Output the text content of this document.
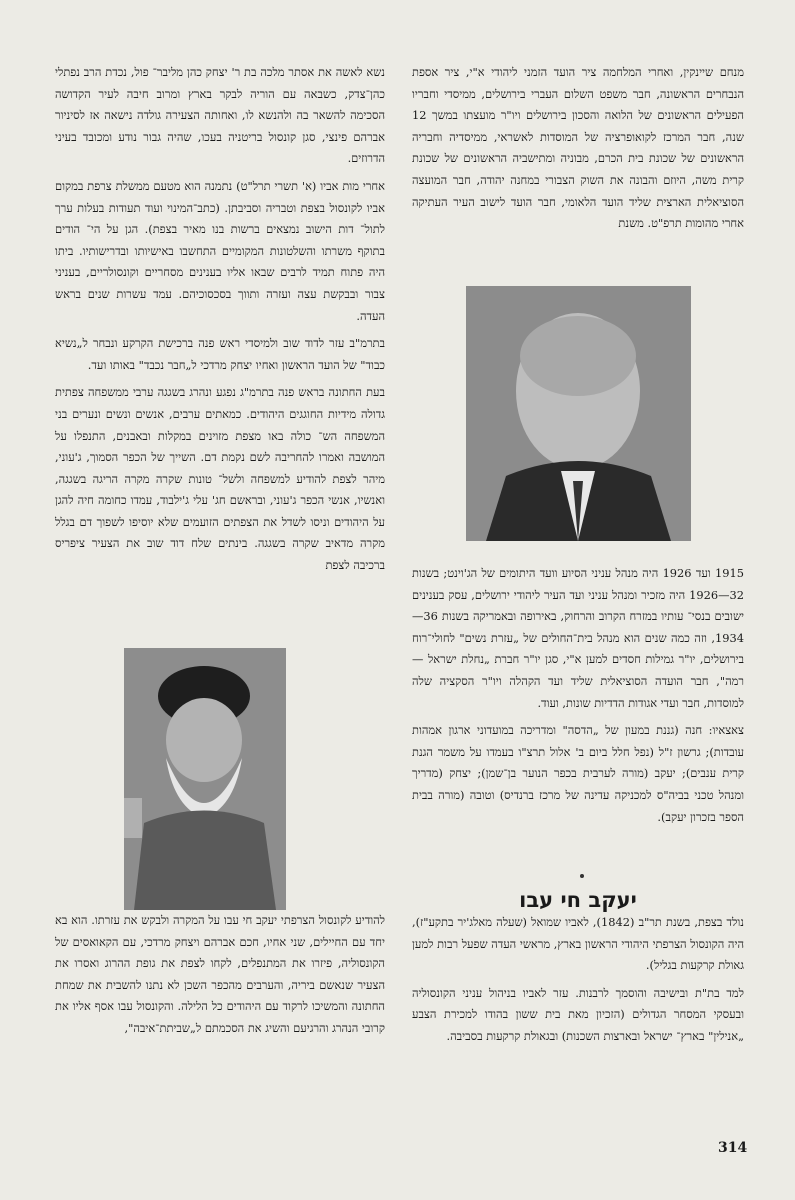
מנחם שיינקין, ואחרי המלחמה ציר הועד הזמני ליהודי א"י, ציר אספת הנבחרים הראשונה, חבר משפט השלום העברי בירושלים, ממיסדי וחבריו הפעילים הראשונים של הלואה והסכון בירושלים ויו"ר מועצתו במשך 12 שנה, חבר המרכז לקואופרציה של המוסדות לאשראי, ממיסדיה וחבריה הראשונים של שכונת בית הכרם, מבוניה ומתישביה הראשונים של שכונת קרית משה, היוזם והבונה את השוק הצבורי במחנה יהודה, חבר המועצה הסוציאלית הארצית שליד הועד הלאומי, חבר הועד לישוב העיר העתיקה אחרי מהומות תרפ"ט. משנת

1915 ועד 1926 היה מנהל עניני הסיוע וועד היתומים של הג'וינט; בשנות 32—1926 היה מזכיר ומנהל עניני ועד העיר ליהודי ירושלים, עסק בענינים ישובים בנסי־ עותיו במזרח הקרוב והרחוק, באירופה ובאמריקה בשנות 36—1934, וזה כמה שנים הוא מנהל בית־החולים של „עזרת נשים" לחולי־רוח בירושלים, יו"ר גמילות חסדים למען א"י, סגן יו"ר חברת „נחלת ישראל — רמה", חבר הועדה הסוציאלית שליד ועד הקהלה ויו"ר הסקציה שלה למוסדות, חבר ועדי אגודות הדדיות שונות, ועוד.

צאצאיו: חנה (גננת במעון של „הדסה" ומדריכה במועדוני ארגון אמהות עובדות); גרשון ז"ל (נפל חלל ביום ב' אלול תרצ"ו בעמדו על משמר הגנת קרית ענבים); יעקב (מורה לערבית בכפר הנוער בן־שמן); יצחק (מדריך ומנהל טכני בביה"ס למכניקה עדינה של מרכז ברנדיס) וטובה (מורה בבית הספר בזכרון יעקב).

יעקב חי עבו

נולד בצפת, בשנת תר"ב (1842), לאביו שמואל (שעלה מאלג'יר בתקע"ז), היה הקונסול הצרפתי היהודי הראשון בארץ, מראשי העדה שפעל רבות למען גאולת קרקעות בגליל).

למד בת"ת ובישיבה והוסמך לרבנות. עזר לאביו בניהול עניני הקונסוליה ובעסקי המסחר הגדולים (הזכיון מאת בית ששון בהודו למכירת הצבע „אנילין" בארץ־ ישראל ובארצות השכנות) ובגאולת קרקעות בסביבה.

נשא לאשה את אסתר מלכה בת ר' יצחק כהן מליבר־ פול, נכדת הרב נפתלי כהן־צדק, כשבאה עם הוריה לבקר בארץ ומרוב חיבה לעיר הקדושה הסכימה להשאר בה ולהנשא לו, ואחותה הצעירה גולדה נישאה אז לסיניור אברהם פינצי, סגן קונסול בריטניה בעכו, שהיה גבור נודע ומכובד בעיני הדרוזים.

אחרי מות אביו (א' תשרי תרל"ט) נתמנה הוא מטעם ממשלת צרפת במקום אביו לקונסול בצפת וטבריה וסביבתן. (כתב־המינוי ועוד תעודות בעלות ערך לתול־ דות הישוב נמצאים ברשות בנו מאיר בצפת). הגן על הי־ הודים בתוקף משרתו והשלטונות המקומיים התחשבו באישיותו ובדרישותיו. ביתו היה פתוח תמיד לרבים שבאו אליו בענינים מסחריים וקונסולריים, בעניני צבור ובבקשת עצה ועזרה ותווך בסכסוכיהם. עמד עשרות שנים בראש העדה.

בתרמ"ב עזר לדוד שוב ולמיסדי ראש פנה ברכישת הקרקע ונבחר ל„נשיא כבוד" של הועד הראשון ואחיו יצחק מרדכי ל„חבר נכבד" באותו ועד.

בעת החתונה בראש פנה בתרמ"ג נפגע ונהרג בשגגה ערבי ממשפחה צפתית גדולה מידיות החוגגים היהודים. כמאתים ערבים, אנשים ונשים ונערים בני המשפחה הש־ כולה באו מצפת מזוינים במקלות ובאבנים, התנפלו על המושבה ואמרו להחריבה לשם נקמת דם. השייך של הכפר הסמוך, ג'עוני, מיהר לצפת להודיע למשפחה ולשל־ טונות שקרה מקרה הריגה בשגגה, ואנשיו, אנשי הכפר ג'עוני, ובראשם חג' עלי ג'ילבוד, עמדו כחומה חיה להגן על היהודים וניסו לשדל את הצפתים הזועמים שלא יוסיפו לשפוך דם בגלל מקרה מדאיב שקרה בשגגה. בינתים שלח דוד שוב את הצעיר ציפריס ברכיבה לצפת

להודיע לקונסול הצרפתי יעקב חי עבו על המקרה ולבקש את עזרתו. הוא בא יחד עם החיילים, שני אחיו, חכם אברהם ויצחק מרדכי, עם הקאואסים של הקונסוליה, פיזרו את המתנפלים, לקחו לצפת את גופת ההרוג ואסרו את הצעיר שנאשם ביריה, והערבים מהכפר השכן לא נתנו להשבית את שמחת החתונה והמשיכו לרקוד עם היהודים כל הלילה. והקונסול עבו אסף אליו את קרובי הנהרג והרגיעם והשיג את הסכמתם ל„שביתת־איבה",

314
